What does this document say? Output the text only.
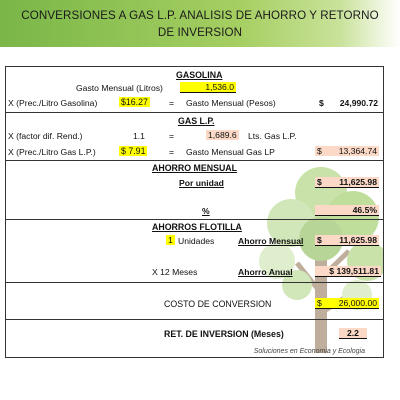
CONVERSIONES A GAS L.P. ANALISIS DE AHORRO Y RETORNO
DE INVERSION
GASOLINA
Gasto Mensual (Litros)	1,536.0
X (Prec./Litro Gasolina)	$16.27 = Gasto Mensual (Pesos)	$	24,990.72
GAS L.P.
X (factor dif. Rend.)	1.1	=	1,689.6 Lts. Gas L.P.
X (Prec./Litro Gas L.P.)	$ 7.91	= Gasto Mensual Gas LP	$ 13,364.74
AHORRO MENSUAL
Por unidad	$ 11,625.98
%	46.5%
AHORROS FLOTILLA
1 Unidades	Ahorro Mensual $ 11,625.98
X 12 Meses	Ahorro Anual	$ 139,511.81
COSTO DE CONVERSION	$ 26,000.00
RET. DE INVERSION (Meses)	2.2
Soluciones en Economia y Ecologia
